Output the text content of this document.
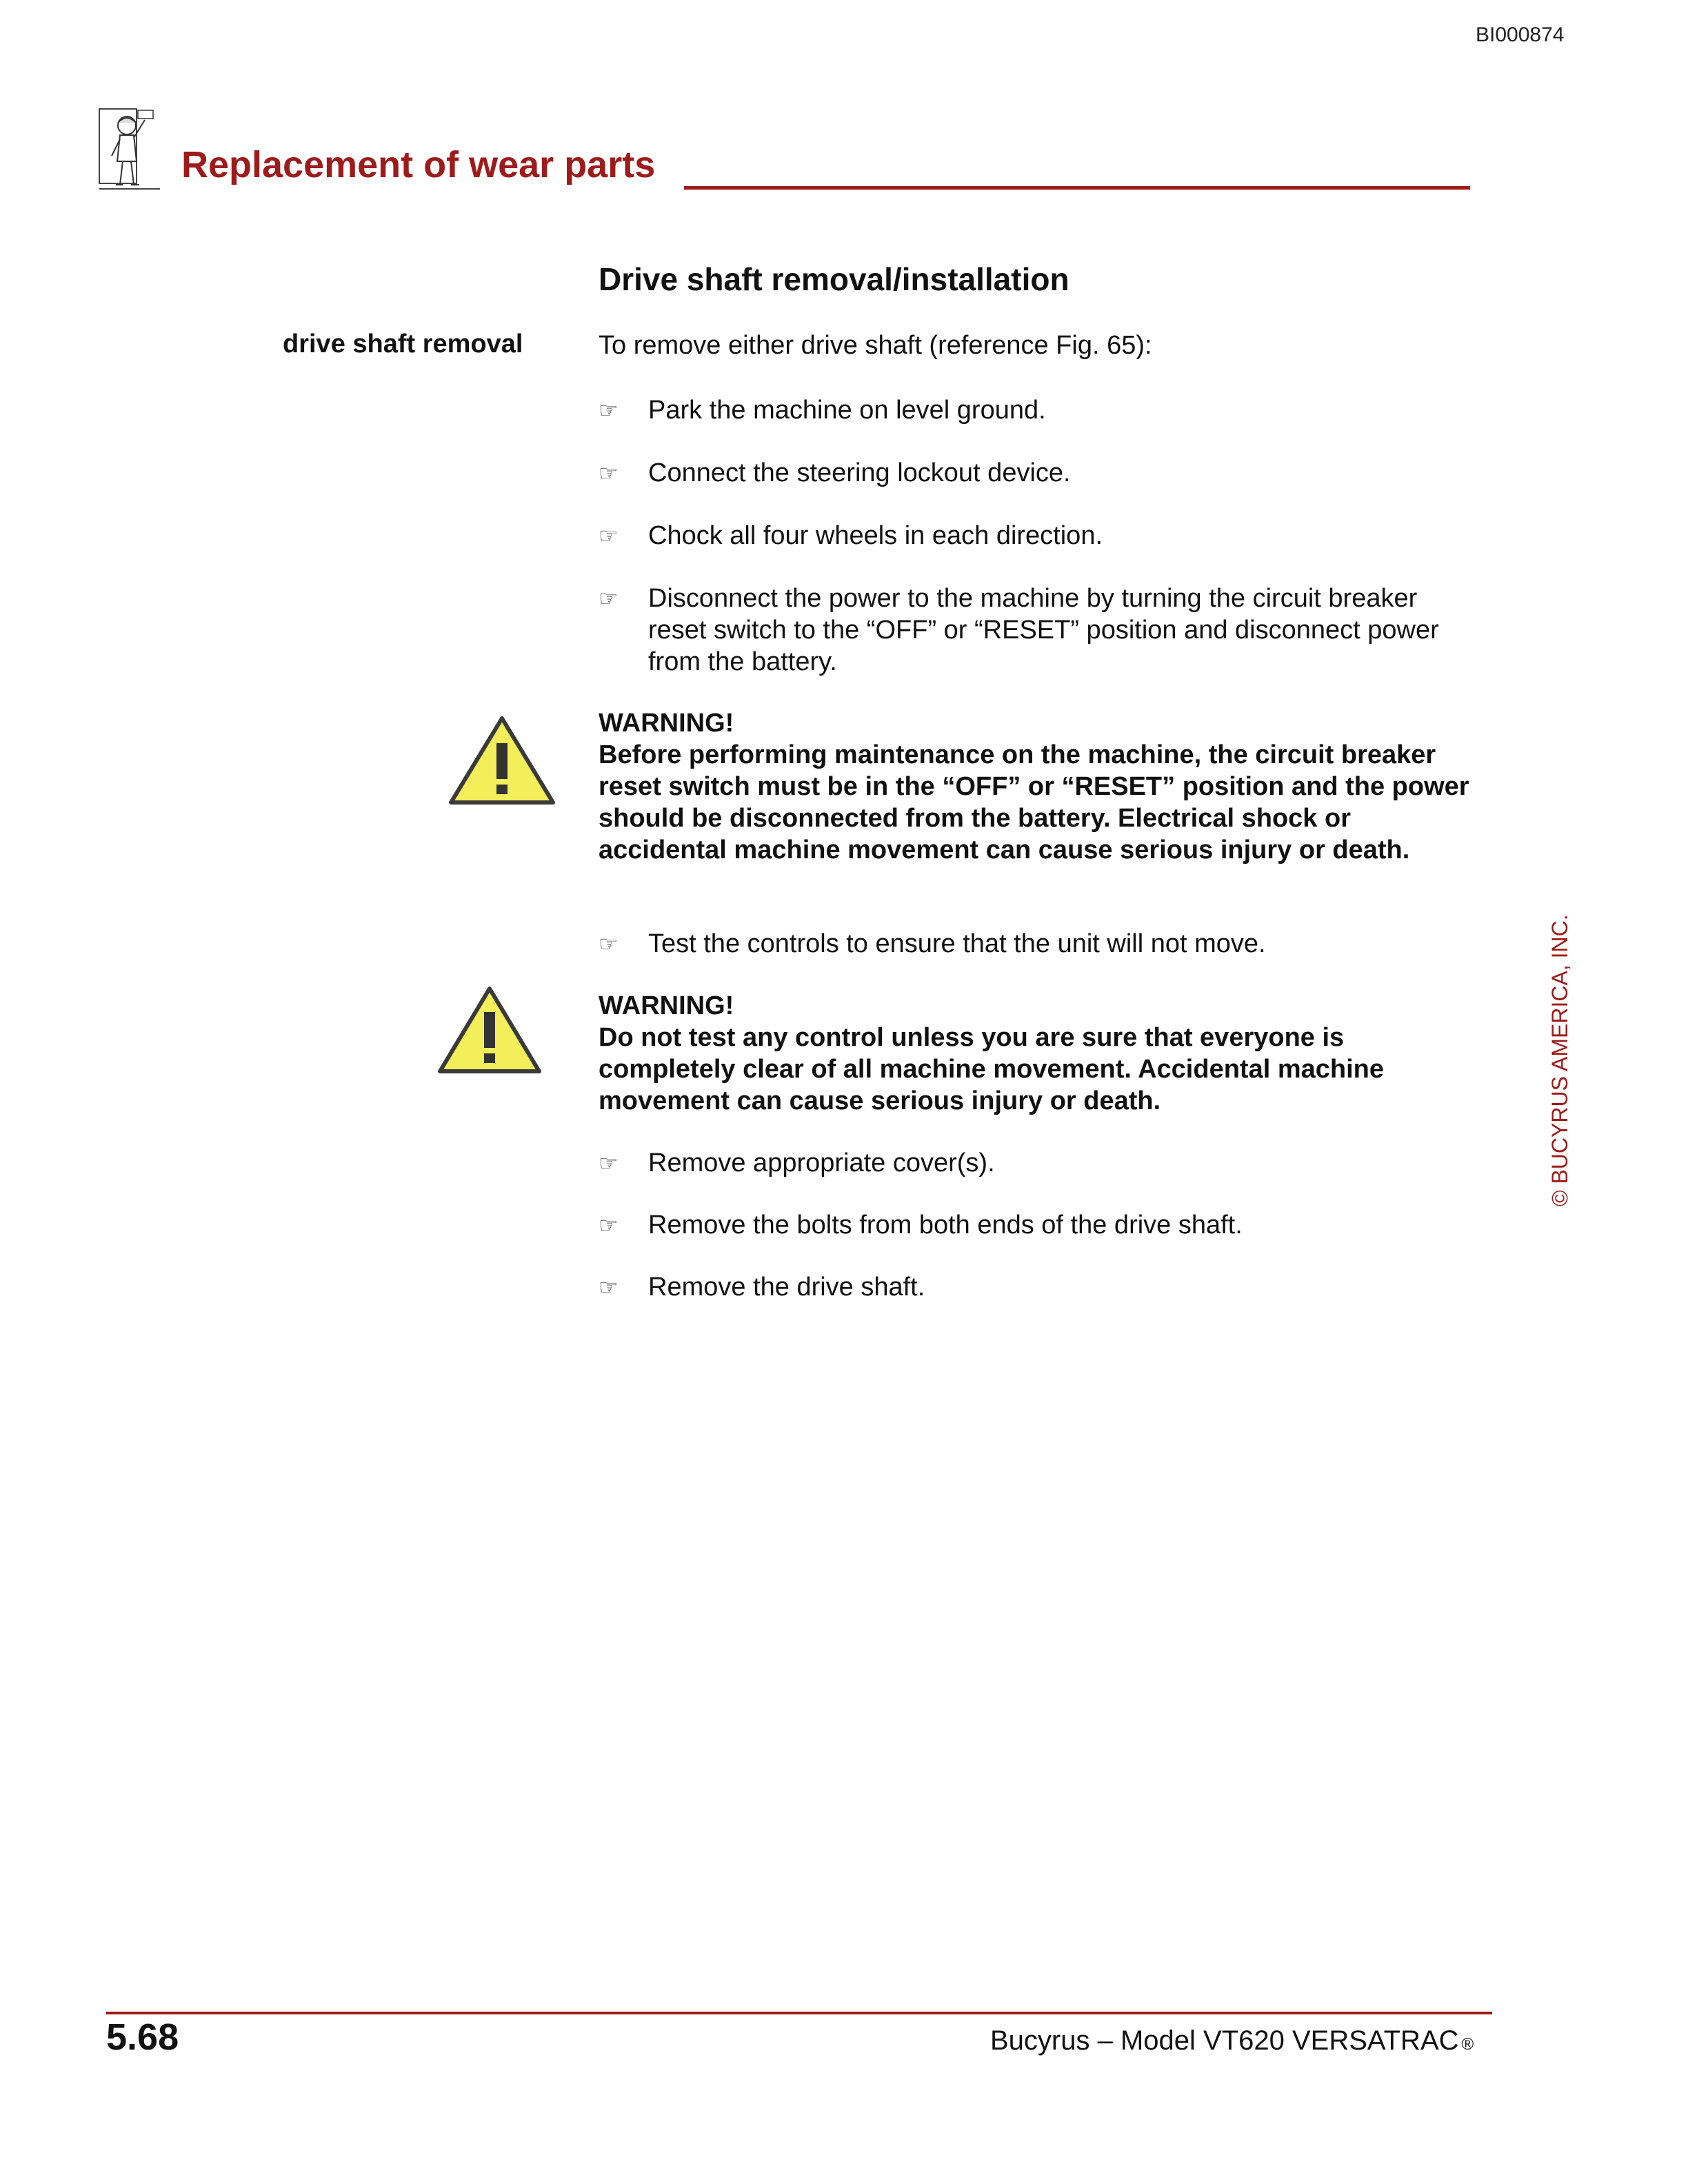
BI000874
Replacement of wear parts
Drive shaft removal/installation
drive shaft removal	To remove either drive shaft (reference Fig. 65):
☞ Park the machine on level ground.
☞ Connect the steering lockout device.
☞ Chock all four wheels in each direction.
☞ Disconnect the power to the machine by turning the circuit breaker reset switch to the “OFF” or “RESET” position and disconnect power from the battery.
WARNING!
Before performing maintenance on the machine, the circuit breaker reset switch must be in the “OFF” or “RESET” position and the power should be disconnected from the battery. Electrical shock or accidental machine movement can cause serious injury or death.
☞ Test the controls to ensure that the unit will not move.
WARNING!
Do not test any control unless you are sure that everyone is completely clear of all machine movement. Accidental machine movement can cause serious injury or death.
☞ Remove appropriate cover(s).
☞ Remove the bolts from both ends of the drive shaft.
☞ Remove the drive shaft.
© BUCYRUS AMERICA, INC.
5.68	Bucyrus – Model VT620 VERSATRAC ®
